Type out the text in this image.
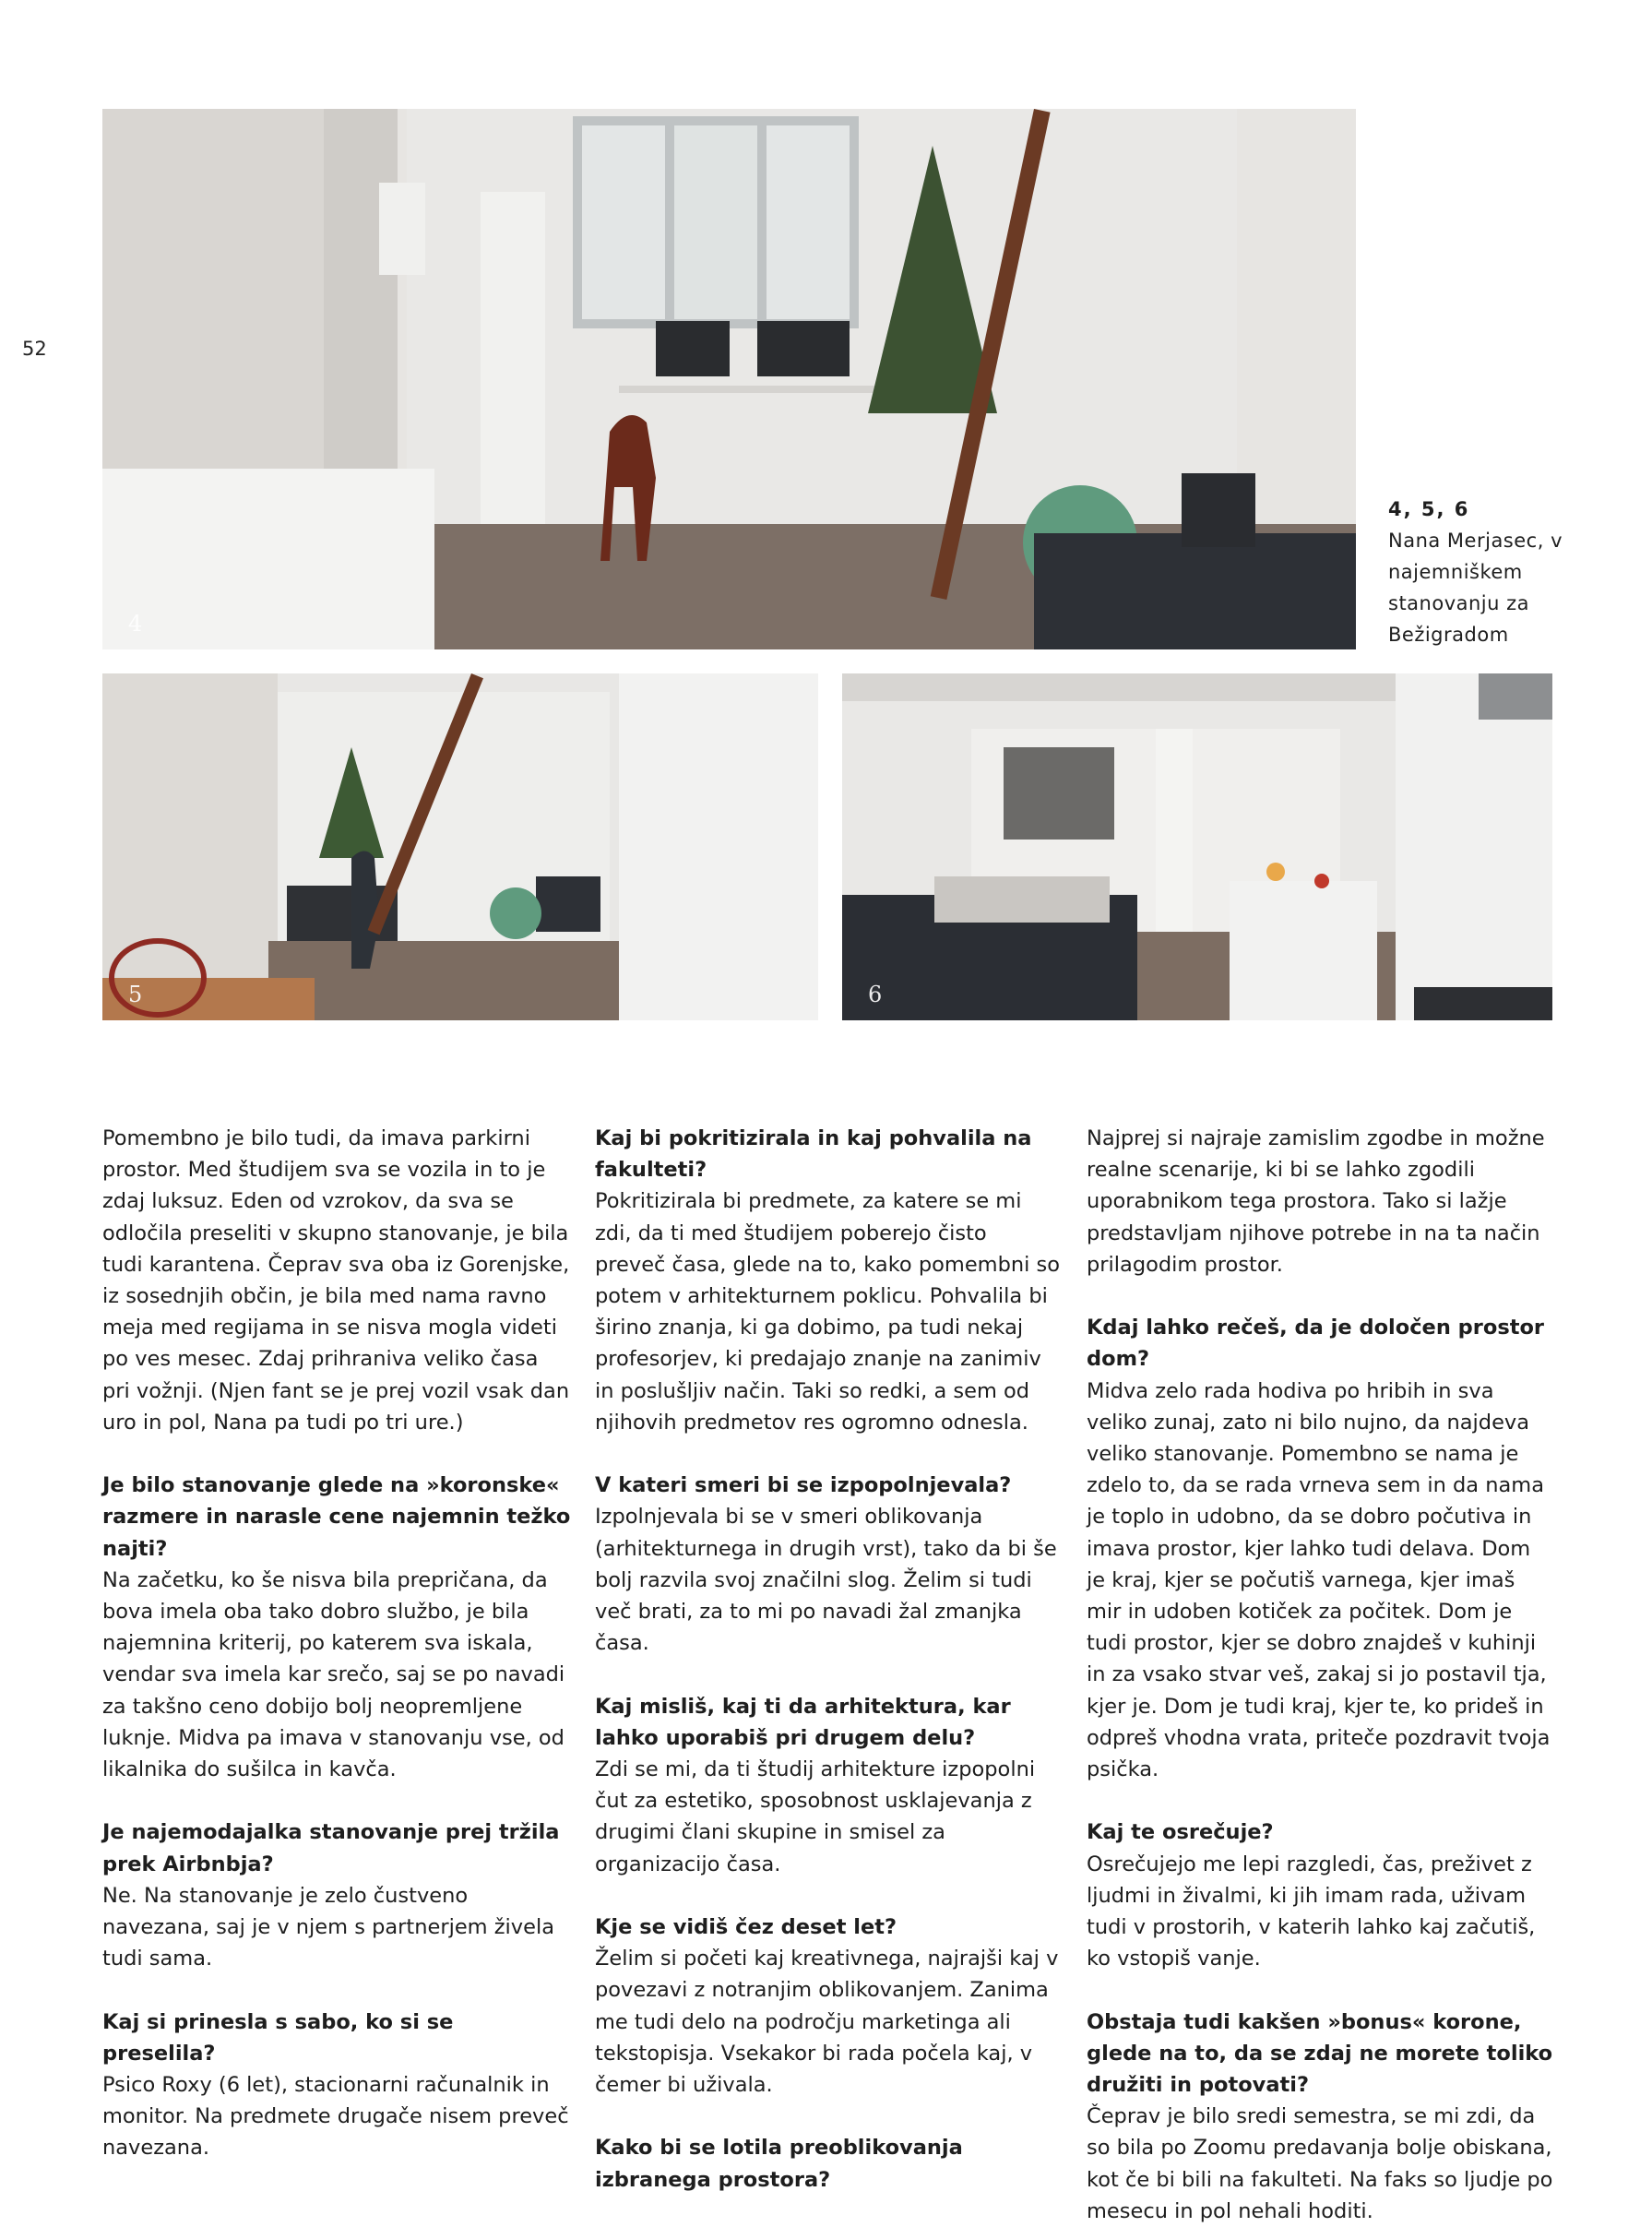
52
4
5	6
4, 5, 6
Nana Merjasec, v najemniškem stanovanju za Bežigradom

Pomembno je bilo tudi, da imava parkirni prostor. Med študijem sva se vozila in to je zdaj luksuz. Eden od vzrokov, da sva se odločila preseliti v skupno stanovanje, je bila tudi karantena. Čeprav sva oba iz Gorenjske, iz sosednjih občin, je bila med nama ravno meja med regijama in se nisva mogla videti po ves mesec. Zdaj prihraniva veliko časa pri vožnji. (Njen fant se je prej vozil vsak dan uro in pol, Nana pa tudi po tri ure.)

Je bilo stanovanje glede na »koronske« razmere in narasle cene najemnin težko najti?

Na začetku, ko še nisva bila prepričana, da bova imela oba tako dobro službo, je bila najemnina kriterij, po katerem sva iskala, vendar sva imela kar srečo, saj se po navadi za takšno ceno dobijo bolj neopremljene luknje. Midva pa imava v stanovanju vse, od likalnika do sušilca in kavča.

Je najemodajalka stanovanje prej tržila prek Airbnbja?

Ne. Na stanovanje je zelo čustveno navezana, saj je v njem s partnerjem živela tudi sama.

Kaj si prinesla s sabo, ko si se preselila?

Psico Roxy (6 let), stacionarni računalnik in monitor. Na predmete drugače nisem preveč navezana.

Kaj bi pokritizirala in kaj pohvalila na fakulteti?

Pokritizirala bi predmete, za katere se mi zdi, da ti med študijem poberejo čisto preveč časa, glede na to, kako pomembni so potem v arhitekturnem poklicu. Pohvalila bi širino znanja, ki ga dobimo, pa tudi nekaj profesorjev, ki predajajo znanje na zanimiv in poslušljiv način. Taki so redki, a sem od njihovih predmetov res ogromno odnesla.

V kateri smeri bi se izpopolnjevala?

Izpolnjevala bi se v smeri oblikovanja (arhitekturnega in drugih vrst), tako da bi še bolj razvila svoj značilni slog. Želim si tudi več brati, za to mi po navadi žal zmanjka časa.

Kaj misliš, kaj ti da arhitektura, kar lahko uporabiš pri drugem delu?

Zdi se mi, da ti študij arhitekture izpopolni čut za estetiko, sposobnost usklajevanja z drugimi člani skupine in smisel za organizacijo časa.

Kje se vidiš čez deset let?

Želim si početi kaj kreativnega, najrajši kaj v povezavi z notranjim oblikovanjem. Zanima me tudi delo na področju marketinga ali tekstopisja. Vsekakor bi rada počela kaj, v čemer bi uživala.

Kako bi se lotila preoblikovanja izbranega prostora?

Najprej si najraje zamislim zgodbe in možne realne scenarije, ki bi se lahko zgodili uporabnikom tega prostora. Tako si lažje predstavljam njihove potrebe in na ta način prilagodim prostor.

Kdaj lahko rečeš, da je določen prostor dom?

Midva zelo rada hodiva po hribih in sva veliko zunaj, zato ni bilo nujno, da najdeva veliko stanovanje. Pomembno se nama je zdelo to, da se rada vrneva sem in da nama je toplo in udobno, da se dobro počutiva in imava prostor, kjer lahko tudi delava. Dom je kraj, kjer se počutiš varnega, kjer imaš mir in udoben kotiček za počitek. Dom je tudi prostor, kjer se dobro znajdeš v kuhinji in za vsako stvar veš, zakaj si jo postavil tja, kjer je. Dom je tudi kraj, kjer te, ko prideš in odpreš vhodna vrata, priteče pozdravit tvoja psička.

Kaj te osrečuje?

Osrečujejo me lepi razgledi, čas, preživet z ljudmi in živalmi, ki jih imam rada, uživam tudi v prostorih, v katerih lahko kaj začutiš, ko vstopiš vanje.

Obstaja tudi kakšen »bonus« korone, glede na to, da se zdaj ne morete toliko družiti in potovati?

Čeprav je bilo sredi semestra, se mi zdi, da so bila po Zoomu predavanja bolje obiskana, kot če bi bili na fakulteti. Na faks so ljudje po mesecu in pol nehali hoditi.
